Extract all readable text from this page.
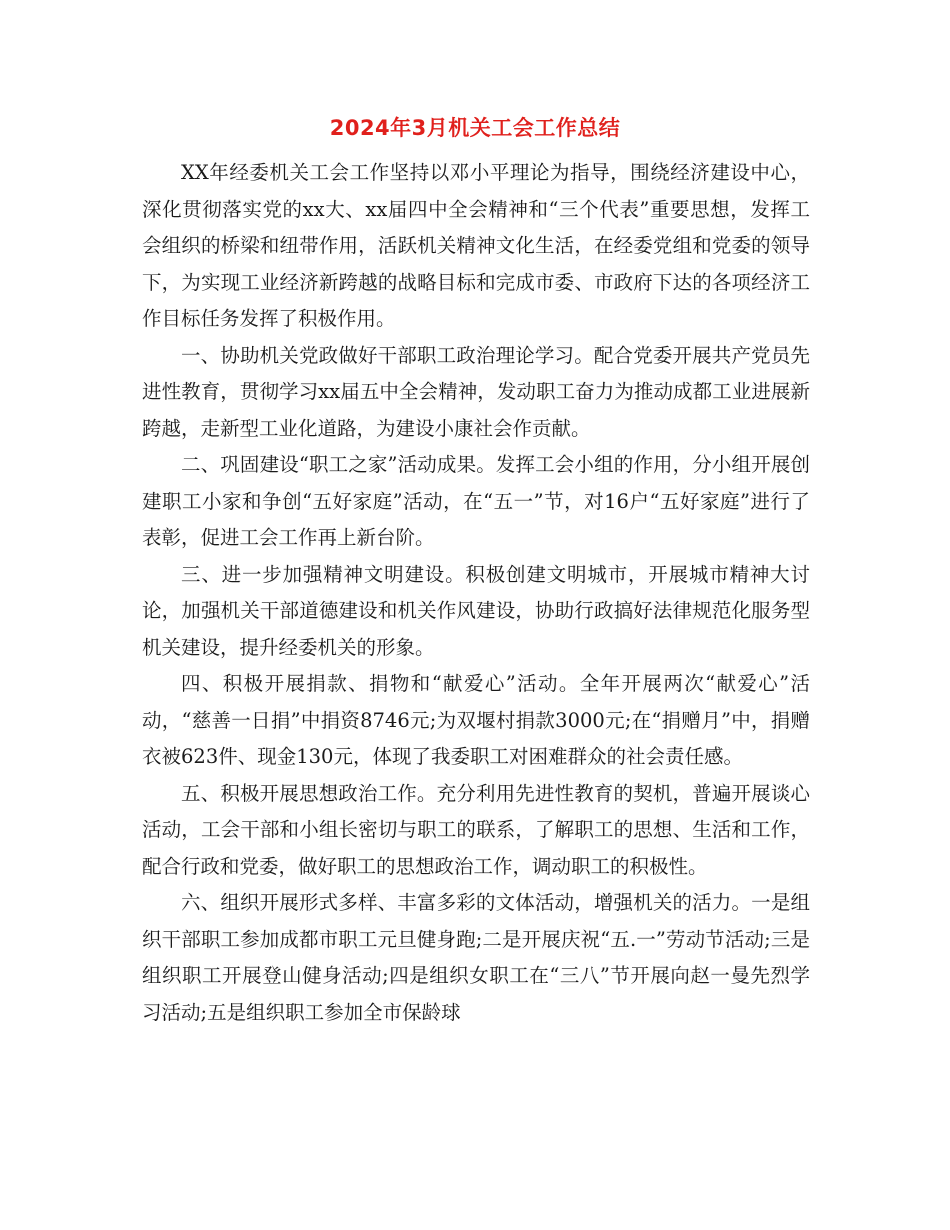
2024年3月机关工会工作总结

XX年经委机关工会工作坚持以邓小平理论为指导，围绕经济建设中心，深化贯彻落实党的xx大、xx届四中全会精神和“三个代表”重要思想，发挥工会组织的桥梁和纽带作用，活跃机关精神文化生活，在经委党组和党委的领导下，为实现工业经济新跨越的战略目标和完成市委、市政府下达的各项经济工作目标任务发挥了积极作用。

一、协助机关党政做好干部职工政治理论学习。配合党委开展共产党员先进性教育，贯彻学习xx届五中全会精神，发动职工奋力为推动成都工业进展新跨越，走新型工业化道路，为建设小康社会作贡献。

二、巩固建设“职工之家”活动成果。发挥工会小组的作用，分小组开展创建职工小家和争创“五好家庭”活动，在“五一”节，对16户“五好家庭”进行了表彰，促进工会工作再上新台阶。

三、进一步加强精神文明建设。积极创建文明城市，开展城市精神大讨论，加强机关干部道德建设和机关作风建设，协助行政搞好法律规范化服务型机关建设，提升经委机关的形象。

四、积极开展捐款、捐物和“献爱心”活动。全年开展两次“献爱心”活动，“慈善一日捐”中捐资8746元;为双堰村捐款3000元;在“捐赠月”中，捐赠衣被623件、现金130元，体现了我委职工对困难群众的社会责任感。

五、积极开展思想政治工作。充分利用先进性教育的契机，普遍开展谈心活动，工会干部和小组长密切与职工的联系，了解职工的思想、生活和工作，配合行政和党委，做好职工的思想政治工作，调动职工的积极性。

六、组织开展形式多样、丰富多彩的文体活动，增强机关的活力。一是组织干部职工参加成都市职工元旦健身跑;二是开展庆祝“五.一”劳动节活动;三是组织职工开展登山健身活动;四是组织女职工在“三八”节开展向赵一曼先烈学习活动;五是组织职工参加全市保龄球
